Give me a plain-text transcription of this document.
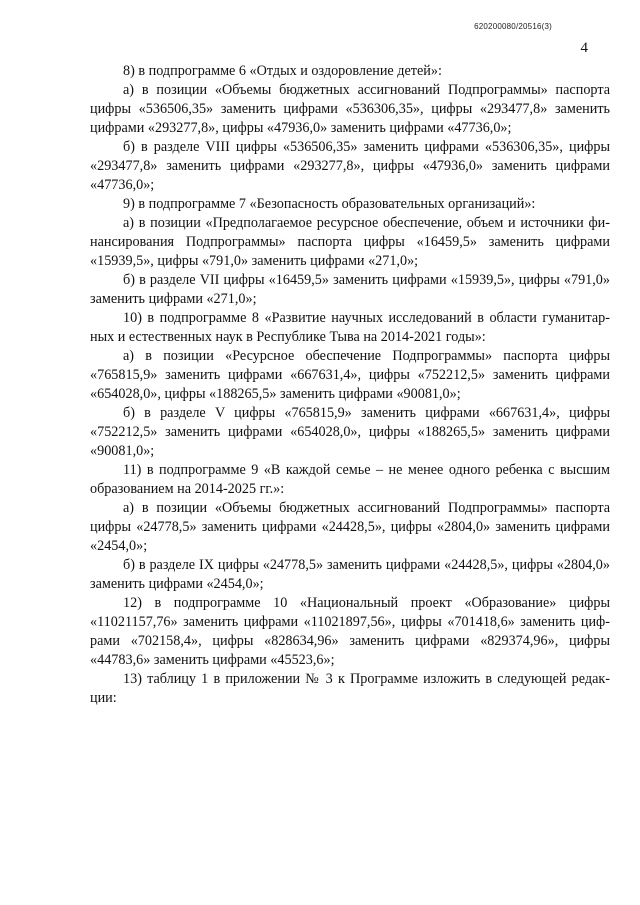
620200080/20516(3)
4

8) в подпрограмме 6 «Отдых и оздоровление детей»:

а) в позиции «Объемы бюджетных ассигнований Подпрограммы» паспорта цифры «536506,35» заменить цифрами «536306,35», цифры «293477,8» заменить цифрами «293277,8», цифры «47936,0» заменить цифрами «47736,0»;

б) в разделе VIII цифры «536506,35» заменить цифрами «536306,35», цифры «293477,8» заменить цифрами «293277,8», цифры «47936,0» заменить цифрами «47736,0»;

9) в подпрограмме 7 «Безопасность образовательных организаций»:

а) в позиции «Предполагаемое ресурсное обеспечение, объем и источники финансирования Подпрограммы» паспорта цифры «16459,5» заменить цифрами «15939,5», цифры «791,0» заменить цифрами «271,0»;

б) в разделе VII цифры «16459,5» заменить цифрами «15939,5», цифры «791,0» заменить цифрами «271,0»;

10) в подпрограмме 8 «Развитие научных исследований в области гуманитарных и естественных наук в Республике Тыва на 2014-2021 годы»:

а) в позиции «Ресурсное обеспечение Подпрограммы» паспорта цифры «765815,9» заменить цифрами «667631,4», цифры «752212,5» заменить цифрами «654028,0», цифры «188265,5» заменить цифрами «90081,0»;

б) в разделе V цифры «765815,9» заменить цифрами «667631,4», цифры «752212,5» заменить цифрами «654028,0», цифры «188265,5» заменить цифрами «90081,0»;

11) в подпрограмме 9 «В каждой семье – не менее одного ребенка с высшим образованием на 2014-2025 гг.»:

а) в позиции «Объемы бюджетных ассигнований Подпрограммы» паспорта цифры «24778,5» заменить цифрами «24428,5», цифры «2804,0» заменить цифрами «2454,0»;

б) в разделе IX цифры «24778,5» заменить цифрами «24428,5», цифры «2804,0» заменить цифрами «2454,0»;

12) в подпрограмме 10 «Национальный проект «Образование» цифры «11021157,76» заменить цифрами «11021897,56», цифры «701418,6» заменить цифрами «702158,4», цифры «828634,96» заменить цифрами «829374,96», цифры «44783,6» заменить цифрами «45523,6»;

13) таблицу 1 в приложении № 3 к Программе изложить в следующей редакции:
